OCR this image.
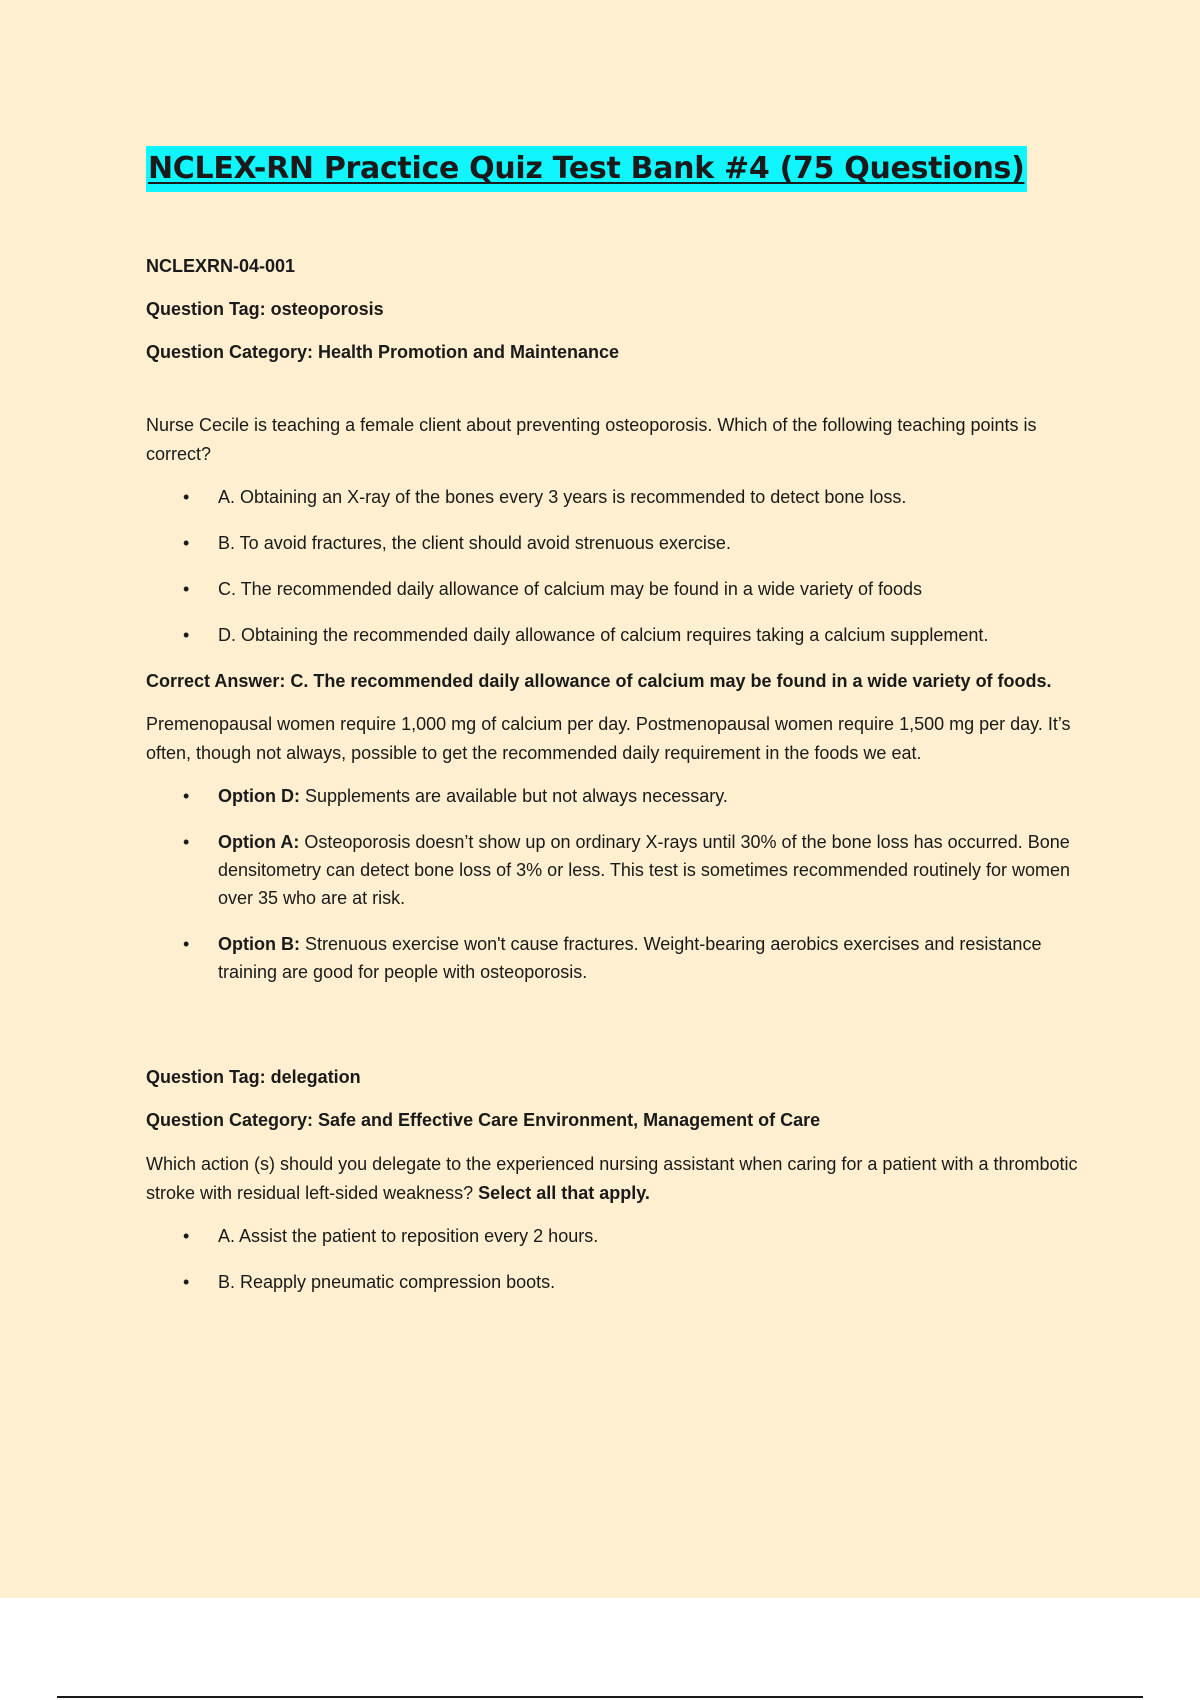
NCLEX-RN Practice Quiz Test Bank #4 (75 Questions)
NCLEXRN-04-001
Question Tag: osteoporosis
Question Category: Health Promotion and Maintenance
Nurse Cecile is teaching a female client about preventing osteoporosis. Which of the following teaching points is correct?
• A. Obtaining an X-ray of the bones every 3 years is recommended to detect bone loss.
• B. To avoid fractures, the client should avoid strenuous exercise.
• C. The recommended daily allowance of calcium may be found in a wide variety of foods
• D. Obtaining the recommended daily allowance of calcium requires taking a calcium supplement.
Correct Answer: C. The recommended daily allowance of calcium may be found in a wide variety of foods.
Premenopausal women require 1,000 mg of calcium per day. Postmenopausal women require 1,500 mg per day. It’s often, though not always, possible to get the recommended daily requirement in the foods we eat.
• Option D: Supplements are available but not always necessary.
• Option A: Osteoporosis doesn’t show up on ordinary X-rays until 30% of the bone loss has occurred. Bone densitometry can detect bone loss of 3% or less. This test is sometimes recommended routinely for women over 35 who are at risk.
• Option B: Strenuous exercise won't cause fractures. Weight-bearing aerobics exercises and resistance training are good for people with osteoporosis.
Question Tag: delegation
Question Category: Safe and Effective Care Environment, Management of Care
Which action (s) should you delegate to the experienced nursing assistant when caring for a patient with a thrombotic stroke with residual left-sided weakness? Select all that apply.
• A. Assist the patient to reposition every 2 hours.
• B. Reapply pneumatic compression boots.
